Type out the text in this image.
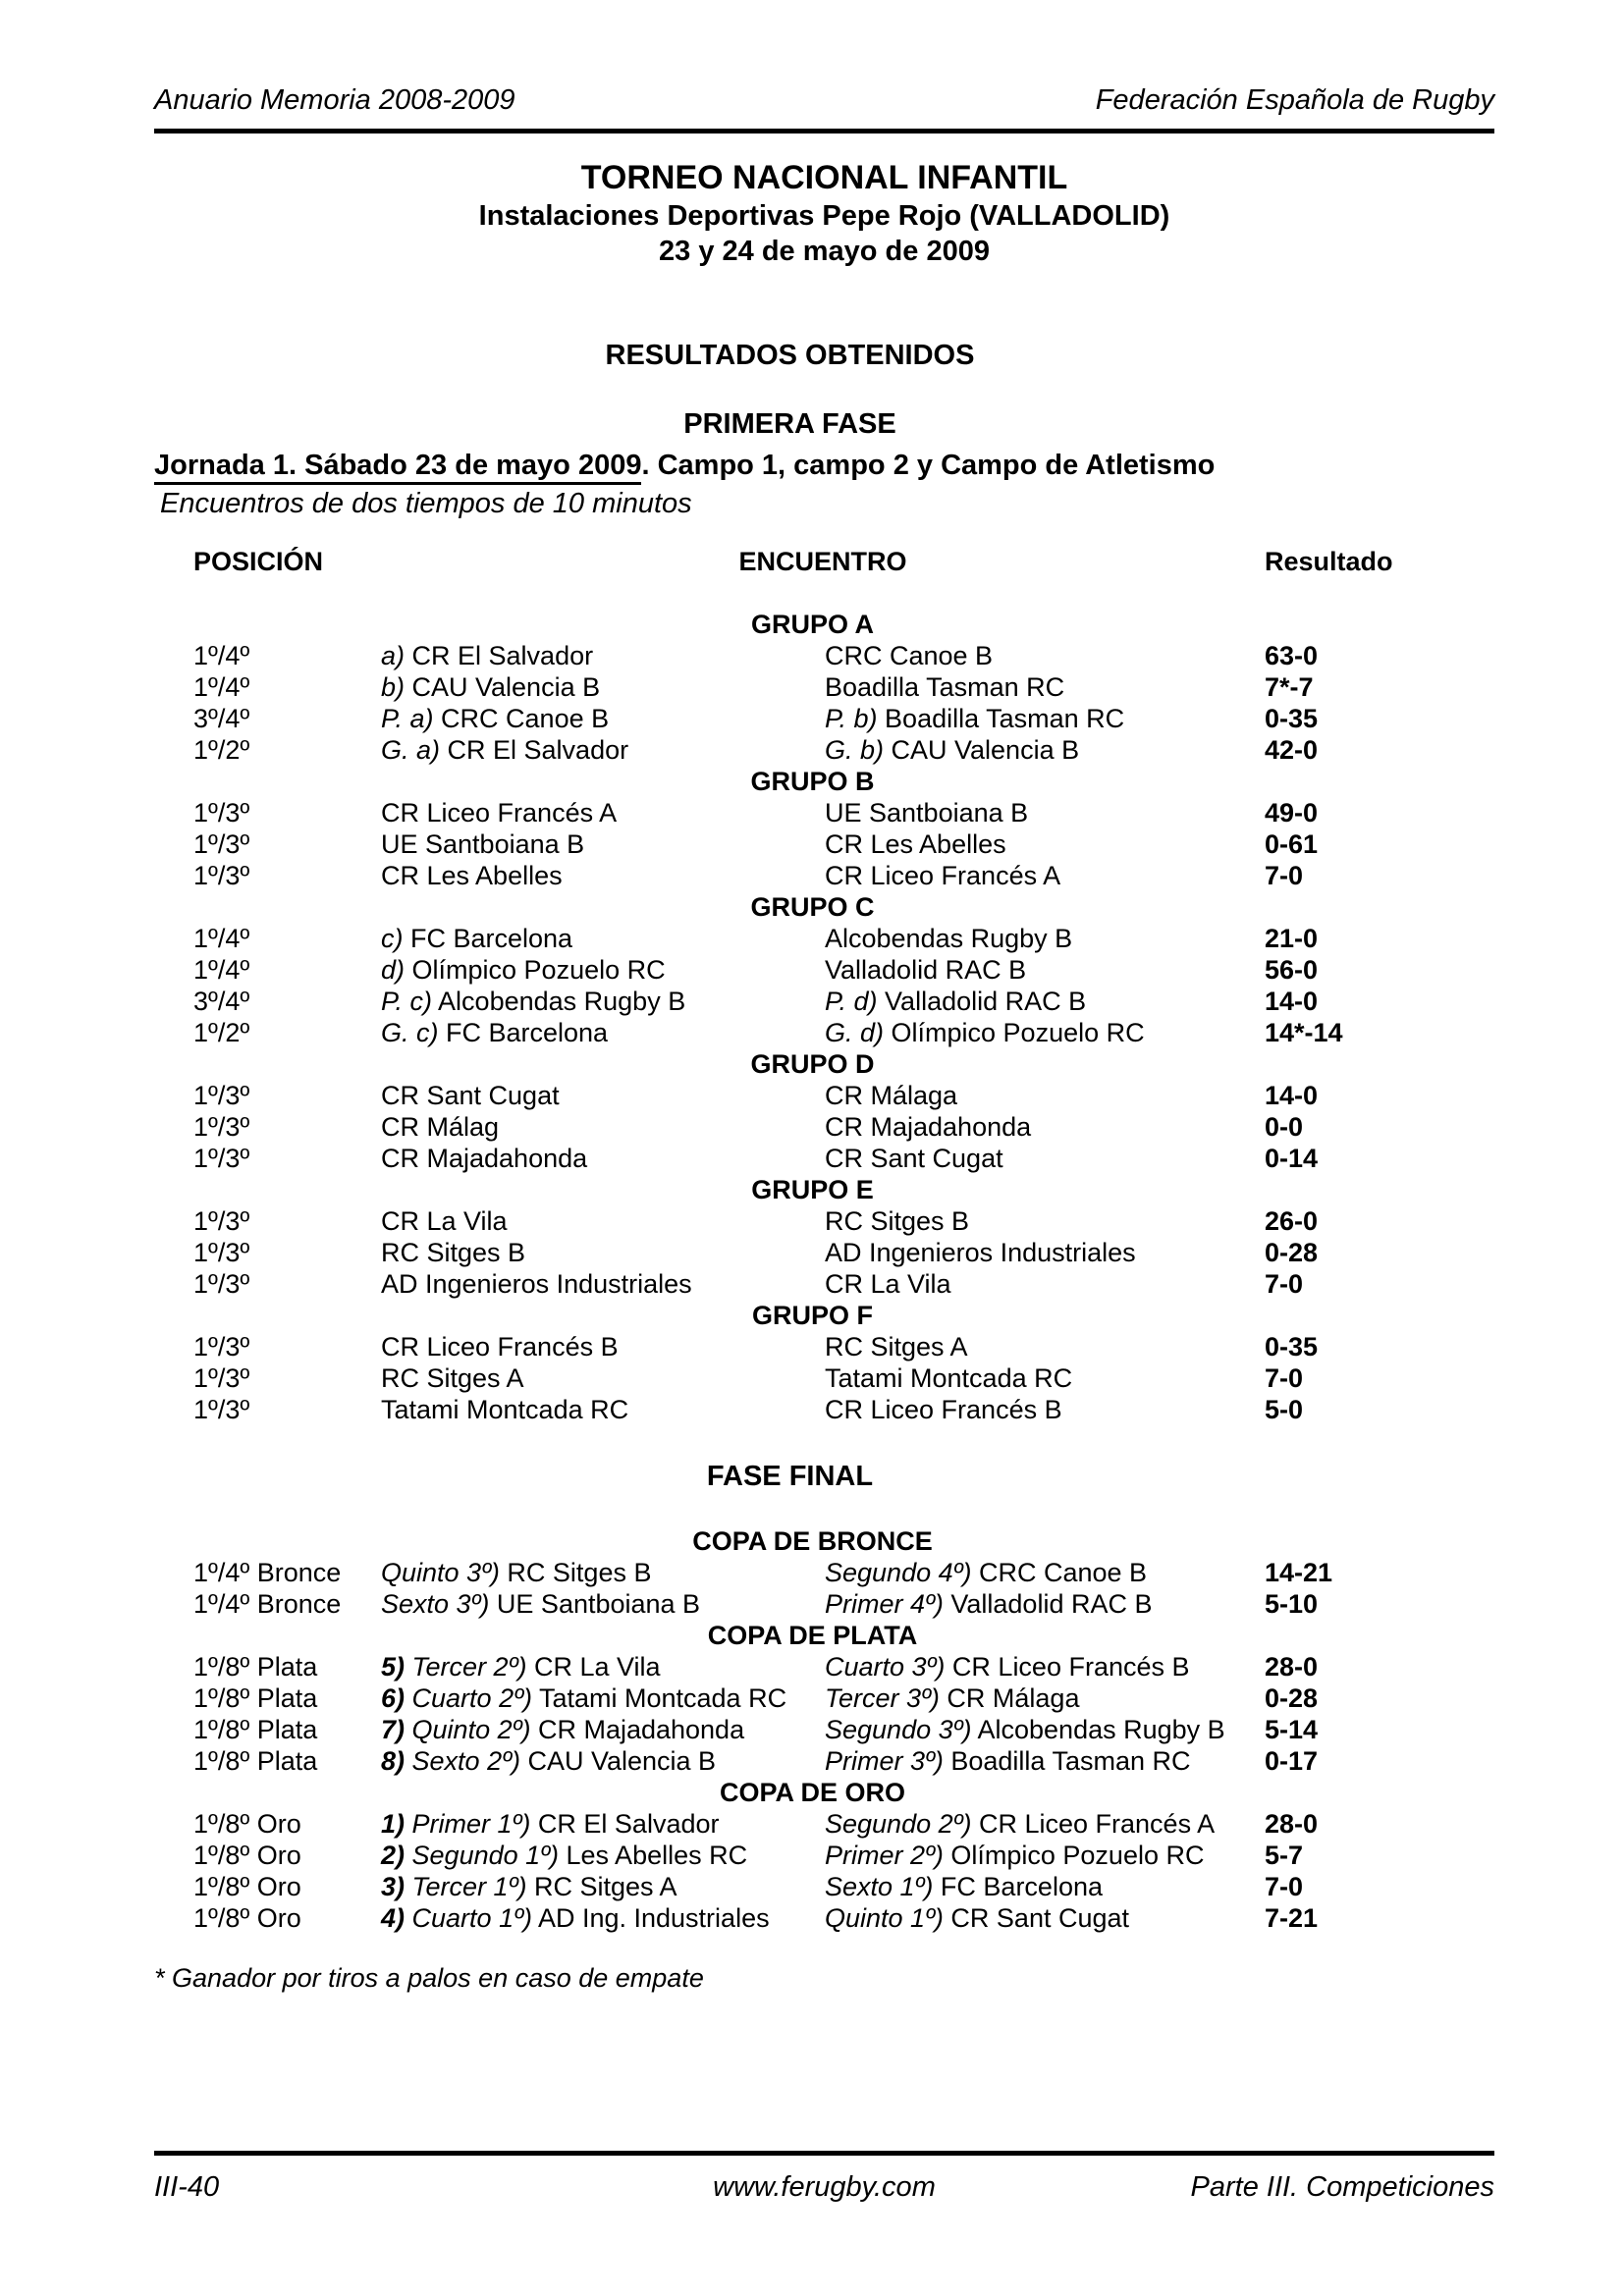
Anuario Memoria 2008-2009	Federación Española de Rugby
TORNEO NACIONAL INFANTIL
Instalaciones Deportivas Pepe Rojo (VALLADOLID)
23 y 24 de mayo de 2009
RESULTADOS OBTENIDOS
PRIMERA FASE
Jornada 1. Sábado 23 de mayo 2009. Campo 1, campo 2 y Campo de Atletismo
Encuentros de dos tiempos de 10 minutos
POSICIÓN	ENCUENTRO	Resultado
GRUPO A
1º/4º	a) CR El Salvador	CRC Canoe B	63-0
1º/4º	b) CAU Valencia B	Boadilla Tasman RC	7*-7
3º/4º	P. a) CRC Canoe B	P. b) Boadilla Tasman RC	0-35
1º/2º	G. a) CR El Salvador	G. b) CAU Valencia B	42-0
GRUPO B
1º/3º	CR Liceo Francés A	UE Santboiana B	49-0
1º/3º	UE Santboiana B	CR Les Abelles	0-61
1º/3º	CR Les Abelles	CR Liceo Francés A	7-0
GRUPO C
1º/4º	c) FC Barcelona	Alcobendas Rugby B	21-0
1º/4º	d) Olímpico Pozuelo RC	Valladolid RAC B	56-0
3º/4º	P. c) Alcobendas Rugby B	P. d) Valladolid RAC B	14-0
1º/2º	G. c) FC Barcelona	G. d) Olímpico Pozuelo RC	14*-14
GRUPO D
1º/3º	CR Sant Cugat	CR Málaga	14-0
1º/3º	CR Málag	CR Majadahonda	0-0
1º/3º	CR Majadahonda	CR Sant Cugat	0-14
GRUPO E
1º/3º	CR La Vila	RC Sitges B	26-0
1º/3º	RC Sitges B	AD Ingenieros Industriales	0-28
1º/3º	AD Ingenieros Industriales	CR La Vila	7-0
GRUPO F
1º/3º	CR Liceo Francés B	RC Sitges A	0-35
1º/3º	RC Sitges A	Tatami Montcada RC	7-0
1º/3º	Tatami Montcada RC	CR Liceo Francés B	5-0
FASE FINAL
COPA DE BRONCE
1º/4º Bronce	Quinto 3º) RC Sitges B	Segundo 4º) CRC Canoe B	14-21
1º/4º Bronce	Sexto 3º) UE Santboiana B	Primer 4º) Valladolid RAC B	5-10
COPA DE PLATA
1º/8º Plata	5) Tercer 2º) CR La Vila	Cuarto 3º) CR Liceo Francés B	28-0
1º/8º Plata	6) Cuarto 2º) Tatami Montcada RC	Tercer 3º) CR Málaga	0-28
1º/8º Plata	7) Quinto 2º) CR Majadahonda	Segundo 3º) Alcobendas Rugby B	5-14
1º/8º Plata	8) Sexto 2º) CAU Valencia B	Primer 3º) Boadilla Tasman RC	0-17
COPA DE ORO
1º/8º Oro	1) Primer 1º) CR El Salvador	Segundo 2º) CR Liceo Francés A	28-0
1º/8º Oro	2) Segundo 1º) Les Abelles RC	Primer 2º) Olímpico Pozuelo RC	5-7
1º/8º Oro	3) Tercer 1º) RC Sitges A	Sexto 1º) FC Barcelona	7-0
1º/8º Oro	4) Cuarto 1º) AD Ing. Industriales	Quinto 1º) CR Sant Cugat	7-21
* Ganador por tiros a palos en caso de empate
III-40	www.ferugby.com	Parte III. Competiciones
